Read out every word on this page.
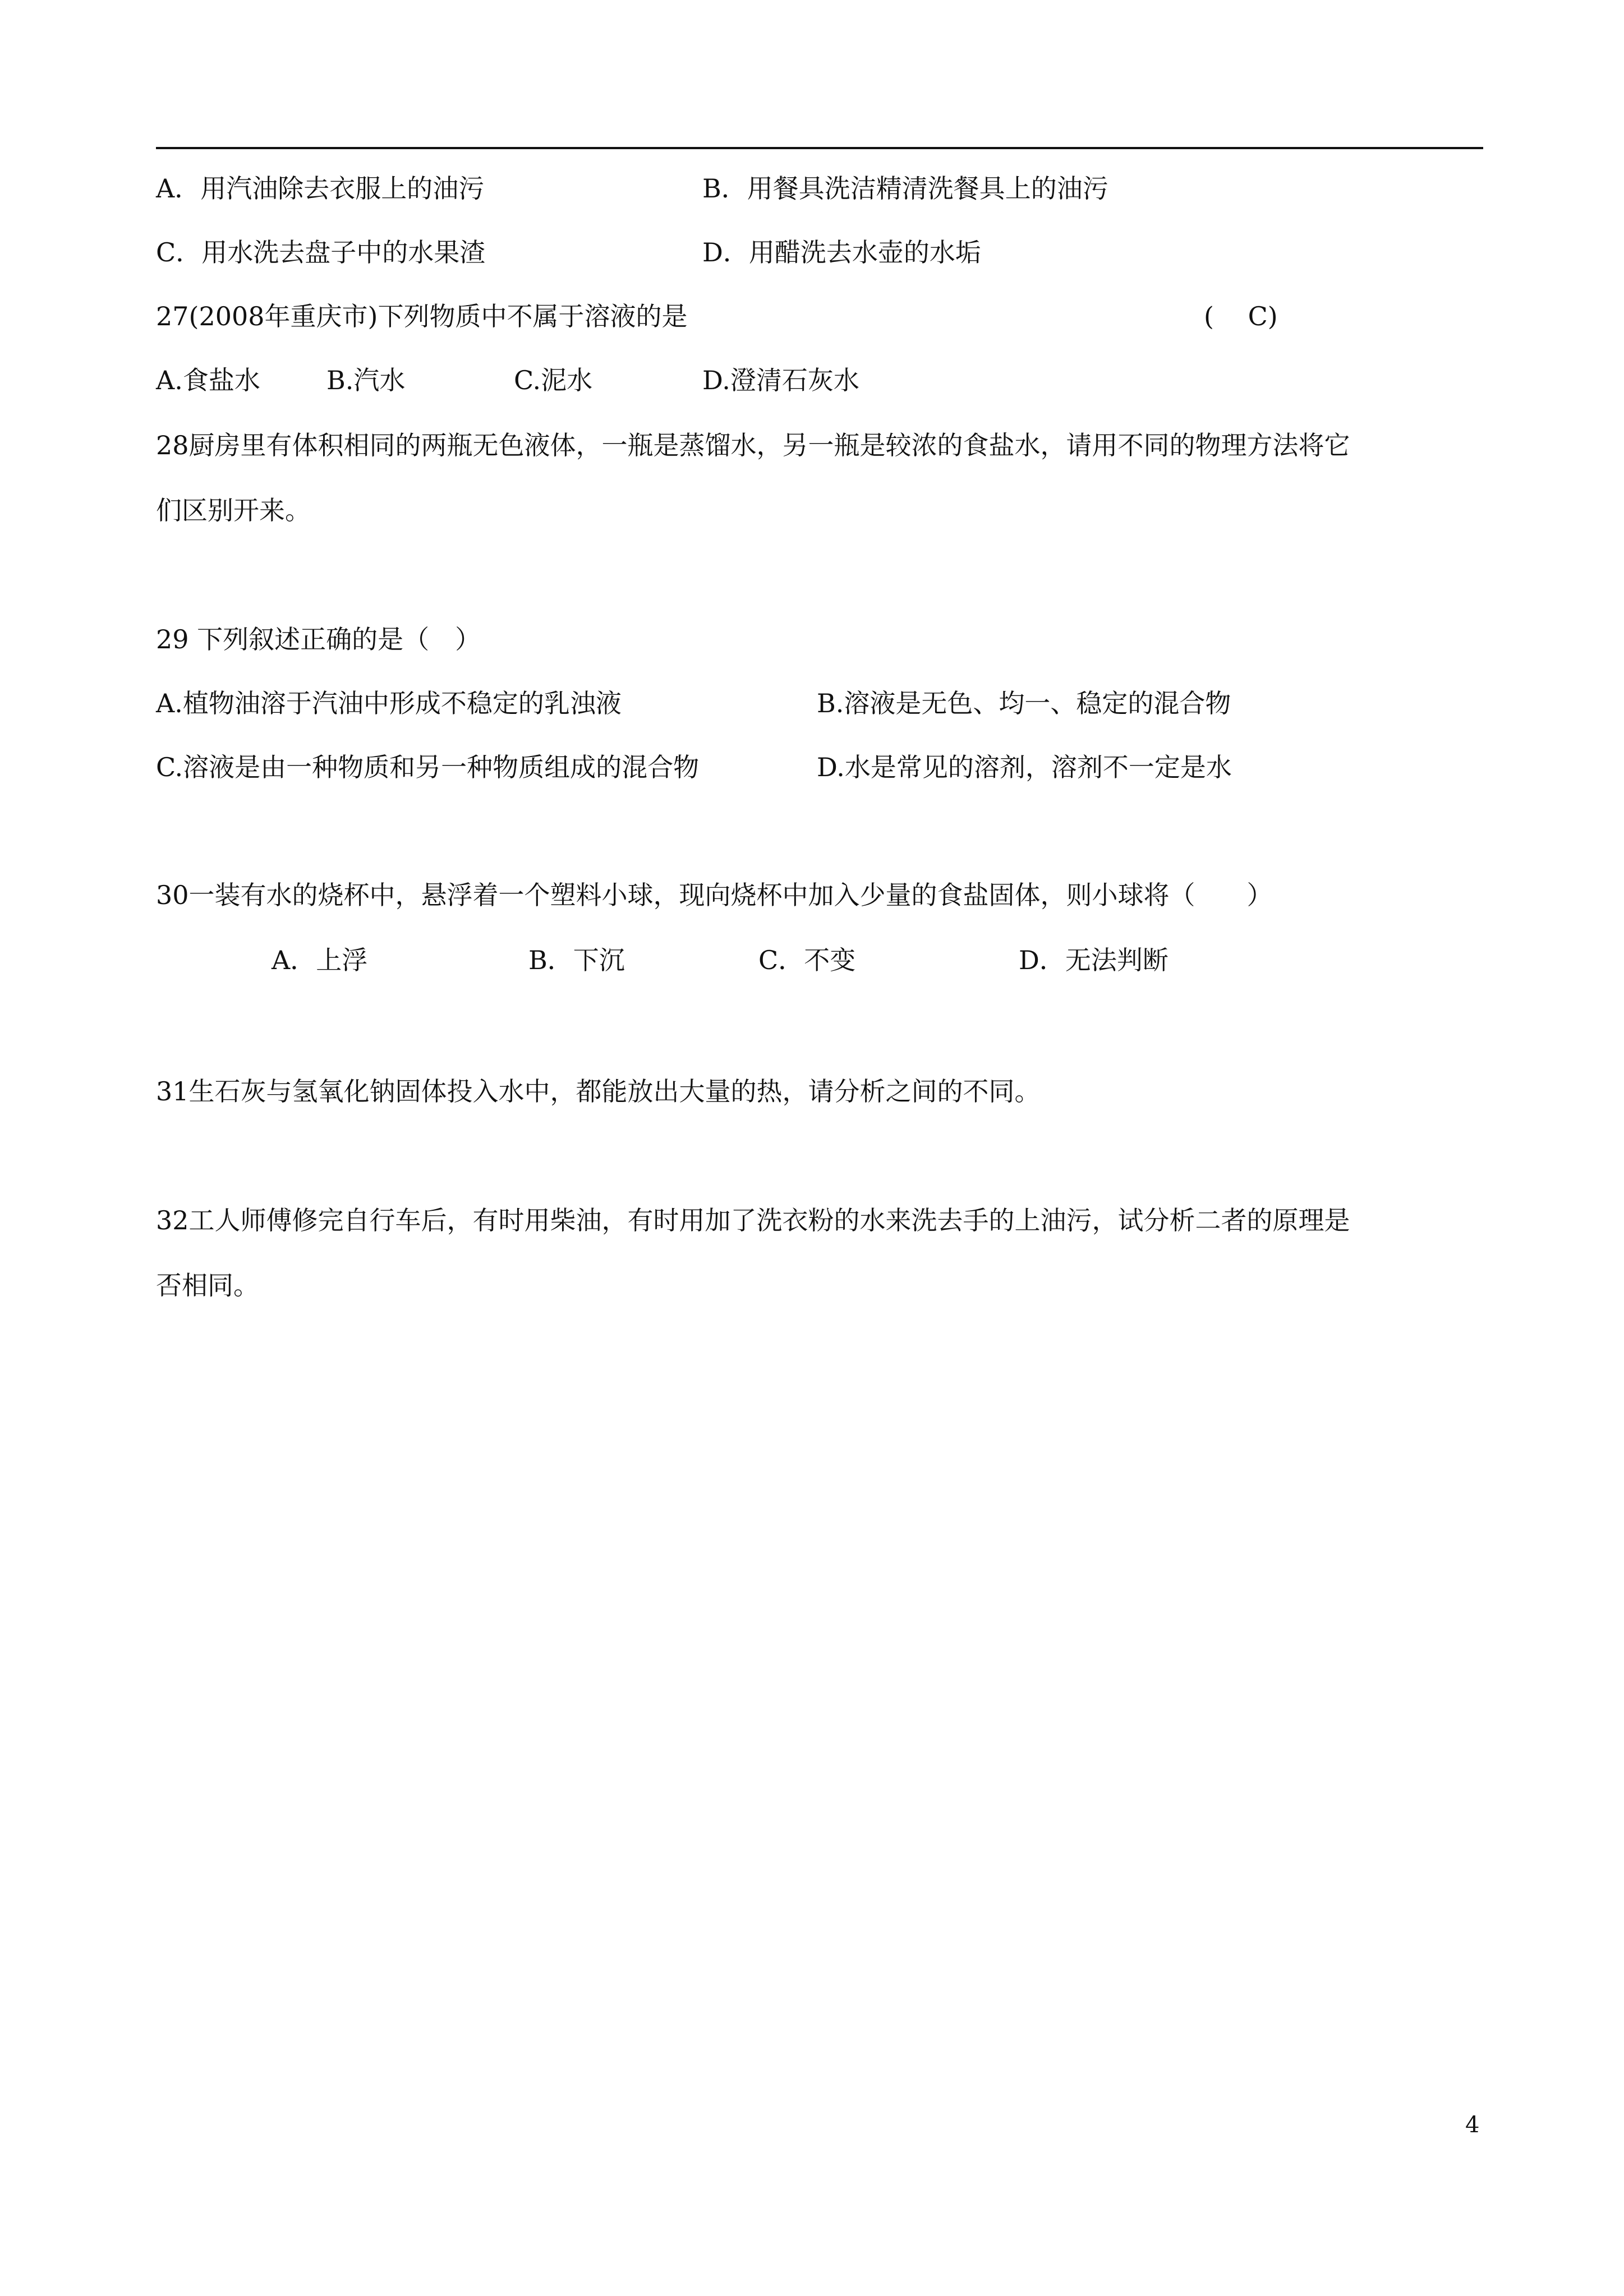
A．用汽油除去衣服上的油污	B．用餐具洗洁精清洗餐具上的油污
C．用水洗去盘子中的水果渣	D．用醋洗去水壶的水垢
27(2008年重庆市)下列物质中不属于溶液的是	(　 C)
A.食盐水	B.汽水	C.泥水	D.澄清石灰水
28厨房里有体积相同的两瓶无色液体，一瓶是蒸馏水，另一瓶是较浓的食盐水，请用不同的物理方法将它
们区别开来。
29 下列叙述正确的是（　）
A.植物油溶于汽油中形成不稳定的乳浊液	B.溶液是无色、均一、稳定的混合物
C.溶液是由一种物质和另一种物质组成的混合物	D.水是常见的溶剂，溶剂不一定是水
30一装有水的烧杯中，悬浮着一个塑料小球，现向烧杯中加入少量的食盐固体，则小球将（　　）
A．上浮	B．下沉	C．不变	D．无法判断
31生石灰与氢氧化钠固体投入水中，都能放出大量的热，请分析之间的不同。
32工人师傅修完自行车后，有时用柴油，有时用加了洗衣粉的水来洗去手的上油污，试分析二者的原理是
否相同。
4
